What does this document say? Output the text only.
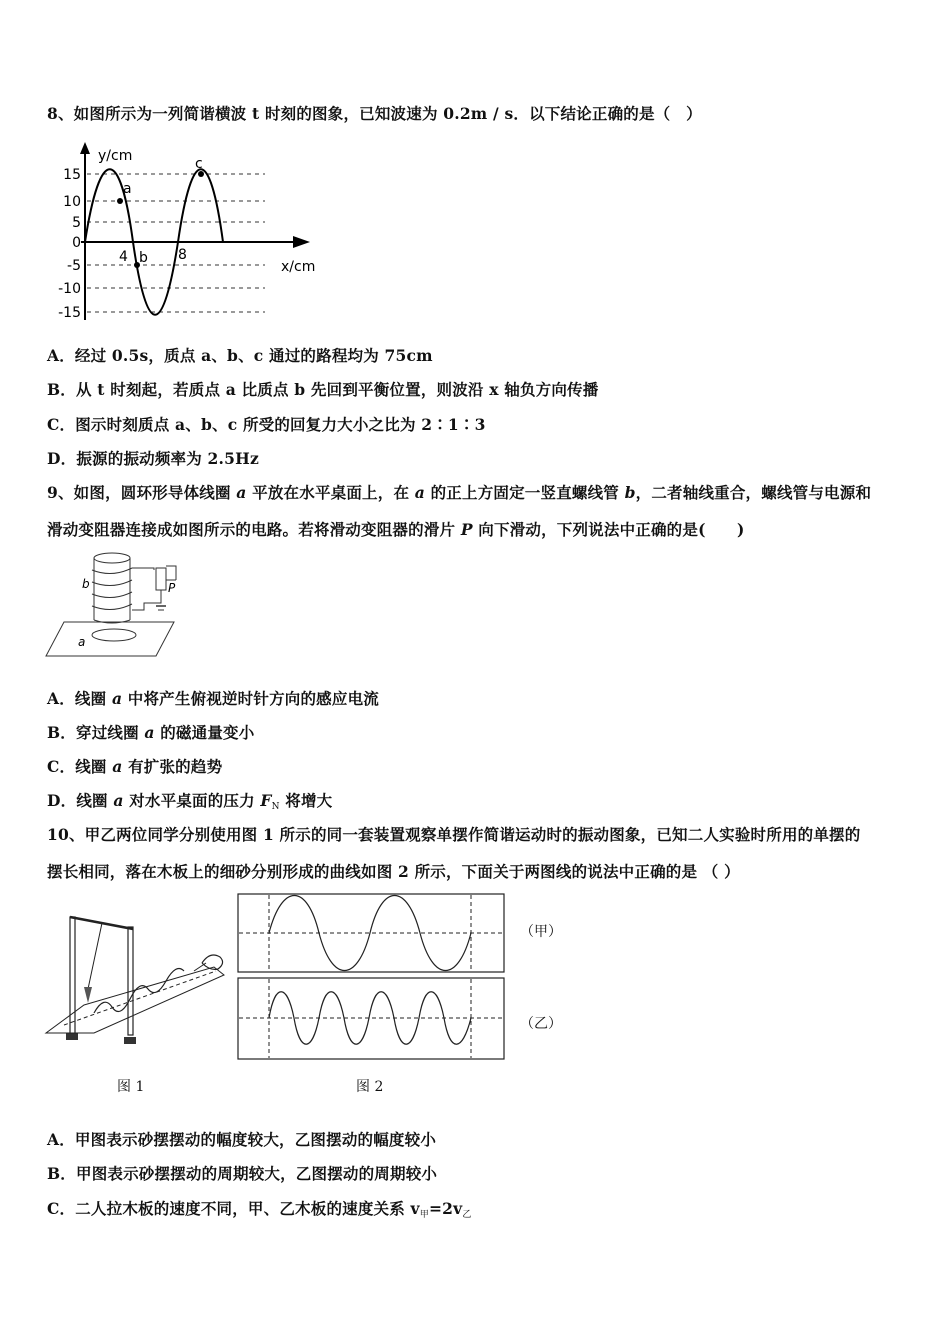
8、如图所示为一列简谐横波 t 时刻的图象，已知波速为 0.2m / s．以下结论正确的是（　）
a
b
c
y/cm
x/cm
15
10
5
0
-5
-10
-15
4	8
A．经过 0.5s，质点 a、b、c 通过的路程均为 75cm
B．从 t 时刻起，若质点 a 比质点 b 先回到平衡位置，则波沿 x 轴负方向传播
C．图示时刻质点 a、b、c 所受的回复力大小之比为 2∶1∶3
D．振源的振动频率为 2.5Hz
9、如图，圆环形导体线圈 a 平放在水平桌面上，在 a 的正上方固定一竖直螺线管 b，二者轴线重合，螺线管与电源和
滑动变阻器连接成如图所示的电路。若将滑动变阻器的滑片 P 向下滑动，下列说法中正确的是(　　)
b
a
P
A．线圈 a 中将产生俯视逆时针方向的感应电流
B．穿过线圈 a 的磁通量变小
C．线圈 a 有扩张的趋势
D．线圈 a 对水平桌面的压力 FN 将增大
10、甲乙两位同学分别使用图 1 所示的同一套装置观察单摆作简谐运动时的振动图象，已知二人实验时所用的单摆的
摆长相同，落在木板上的细砂分别形成的曲线如图 2 所示，下面关于两图线的说法中正确的是 （ ）
（甲）
（乙）
图 1	图 2
A．甲图表示砂摆摆动的幅度较大，乙图摆动的幅度较小
B．甲图表示砂摆摆动的周期较大，乙图摆动的周期较小
C．二人拉木板的速度不同，甲、乙木板的速度关系 v甲=2v乙
